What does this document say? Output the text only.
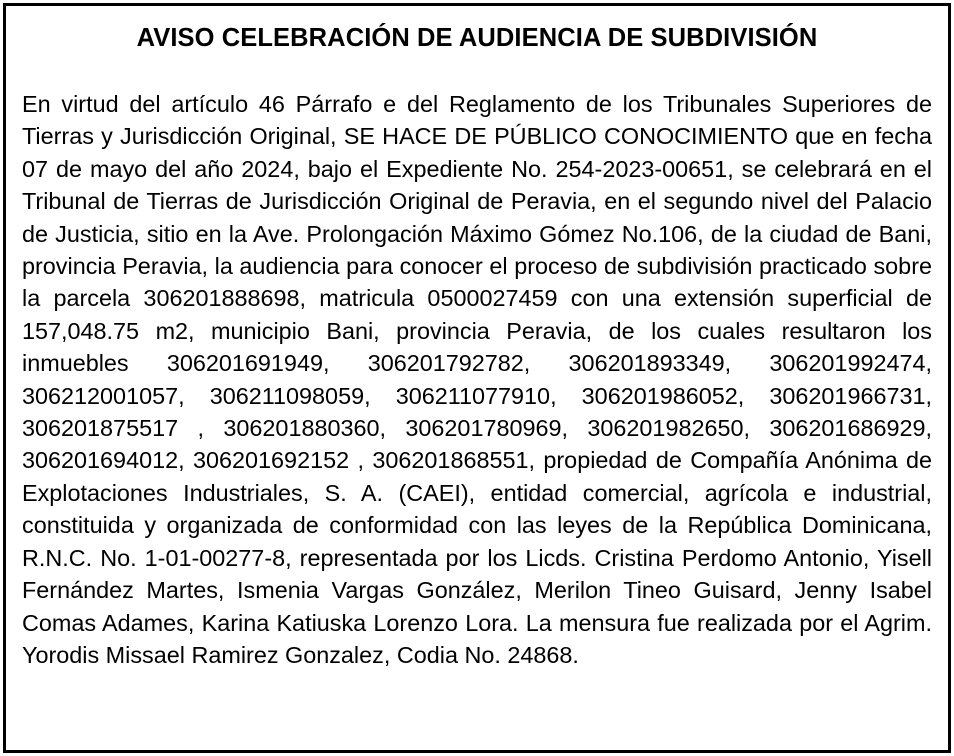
AVISO CELEBRACIÓN DE AUDIENCIA DE SUBDIVISIÓN

En virtud del artículo 46 Párrafo e del Reglamento de los Tribunales Superiores de Tierras y Jurisdicción Original, SE HACE DE PÚBLICO CONOCIMIENTO que en fecha 07 de mayo del año 2024, bajo el Expediente No. 254-2023-00651, se celebrará en el Tribunal de Tierras de Jurisdicción Original de Peravia, en el segundo nivel del Palacio de Justicia, sitio en la Ave. Prolongación Máximo Gómez No.106, de la ciudad de Bani, provincia Peravia, la audiencia para conocer el proceso de subdivisión practicado sobre la parcela 306201888698, matricula 0500027459 con una extensión superficial de 157,048.75 m2, municipio Bani, provincia Peravia, de los cuales resultaron los inmuebles 306201691949, 306201792782, 306201893349, 306201992474, 306212001057, 306211098059, 306211077910, 306201986052, 306201966731, 306201875517 , 306201880360, 306201780969, 306201982650, 306201686929, 306201694012, 306201692152 , 306201868551, propiedad de Compañía Anónima de Explotaciones Industriales, S. A. (CAEI), entidad comercial, agrícola e industrial, constituida y organizada de conformidad con las leyes de la República Dominicana, R.N.C. No. 1-01-00277-8, representada por los Licds. Cristina Perdomo Antonio, Yisell Fernández Martes, Ismenia Vargas González, Merilon Tineo Guisard, Jenny Isabel Comas Adames, Karina Katiuska Lorenzo Lora. La mensura fue realizada por el Agrim. Yorodis Missael Ramirez Gonzalez, Codia No. 24868.
